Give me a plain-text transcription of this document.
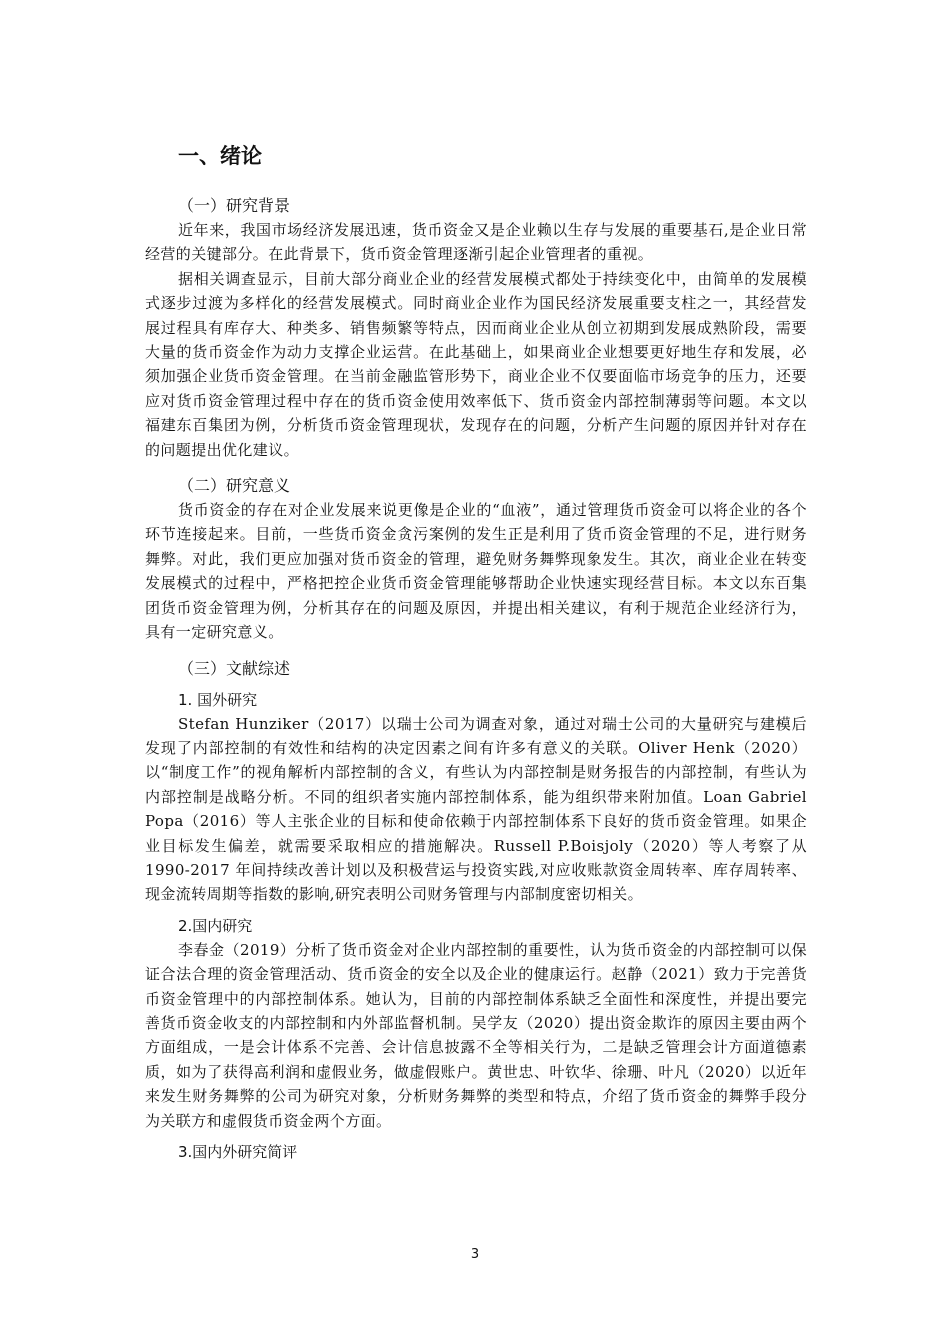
一、绪论
（一）研究背景

近年来，我国市场经济发展迅速，货币资金又是企业赖以生存与发展的重要基石,是企业日常经营的关键部分。在此背景下，货币资金管理逐渐引起企业管理者的重视。

据相关调查显示，目前大部分商业企业的经营发展模式都处于持续变化中，由简单的发展模式逐步过渡为多样化的经营发展模式。同时商业企业作为国民经济发展重要支柱之一，其经营发展过程具有库存大、种类多、销售频繁等特点，因而商业企业从创立初期到发展成熟阶段，需要大量的货币资金作为动力支撑企业运营。在此基础上，如果商业企业想要更好地生存和发展，必须加强企业货币资金管理。在当前金融监管形势下，商业企业不仅要面临市场竞争的压力，还要应对货币资金管理过程中存在的货币资金使用效率低下、货币资金内部控制薄弱等问题。本文以福建东百集团为例，分析货币资金管理现状，发现存在的问题，分析产生问题的原因并针对存在的问题提出优化建议。

（二）研究意义

货币资金的存在对企业发展来说更像是企业的“血液”，通过管理货币资金可以将企业的各个环节连接起来。目前，一些货币资金贪污案例的发生正是利用了货币资金管理的不足，进行财务舞弊。对此，我们更应加强对货币资金的管理，避免财务舞弊现象发生。其次，商业企业在转变发展模式的过程中，严格把控企业货币资金管理能够帮助企业快速实现经营目标。本文以东百集团货币资金管理为例，分析其存在的问题及原因，并提出相关建议，有利于规范企业经济行为，具有一定研究意义。

（三）文献综述
1. 国外研究

Stefan Hunziker（2017）以瑞士公司为调查对象，通过对瑞士公司的大量研究与建模后发现了内部控制的有效性和结构的决定因素之间有许多有意义的关联。Oliver Henk（2020）以“制度工作”的视角解析内部控制的含义，有些认为内部控制是财务报告的内部控制，有些认为内部控制是战略分析。不同的组织者实施内部控制体系，能为组织带来附加值。Loan Gabriel Popa（2016）等人主张企业的目标和使命依赖于内部控制体系下良好的货币资金管理。如果企业目标发生偏差，就需要采取相应的措施解决。Russell P.Boisjoly（2020）等人考察了从 1990-2017 年间持续改善计划以及积极营运与投资实践,对应收账款资金周转率、库存周转率、现金流转周期等指数的影响,研究表明公司财务管理与内部制度密切相关。

2.国内研究

李春金（2019）分析了货币资金对企业内部控制的重要性，认为货币资金的内部控制可以保证合法合理的资金管理活动、货币资金的安全以及企业的健康运行。赵静（2021）致力于完善货币资金管理中的内部控制体系。她认为，目前的内部控制体系缺乏全面性和深度性，并提出要完善货币资金收支的内部控制和内外部监督机制。吴学友（2020）提出资金欺诈的原因主要由两个方面组成，一是会计体系不完善、会计信息披露不全等相关行为，二是缺乏管理会计方面道德素质，如为了获得高利润和虚假业务，做虚假账户。黄世忠、叶钦华、徐珊、叶凡（2020）以近年来发生财务舞弊的公司为研究对象，分析财务舞弊的类型和特点，介绍了货币资金的舞弊手段分为关联方和虚假货币资金两个方面。

3.国内外研究简评
3
